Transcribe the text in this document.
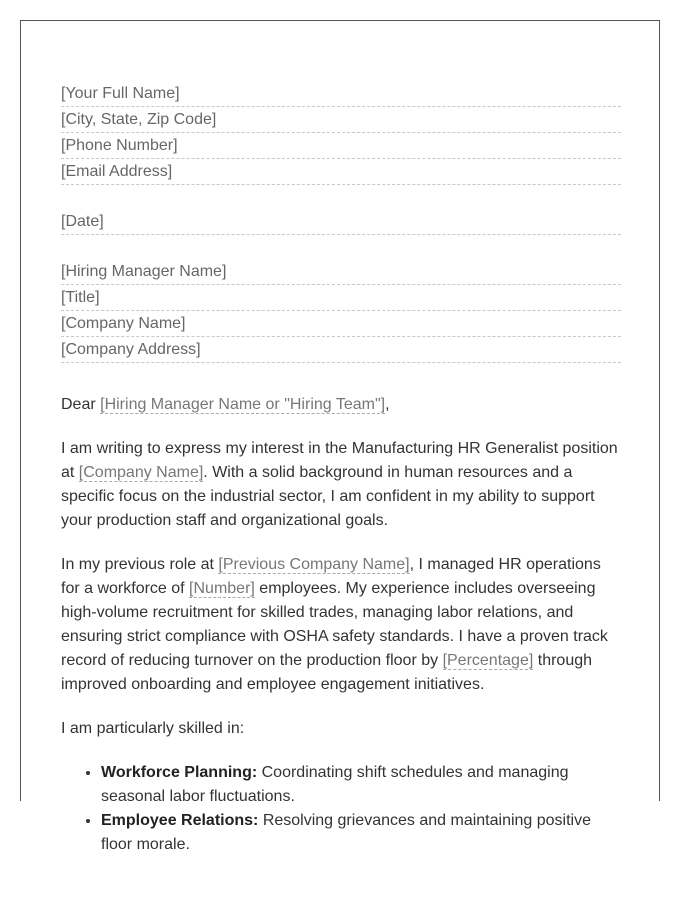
[Your Full Name]
[City, State, Zip Code]
[Phone Number]
[Email Address]
[Date]
[Hiring Manager Name]
[Title]
[Company Name]
[Company Address]

Dear [Hiring Manager Name or "Hiring Team"],

I am writing to express my interest in the Manufacturing HR Generalist position at [Company Name]. With a solid background in human resources and a specific focus on the industrial sector, I am confident in my ability to support your production staff and organizational goals.

In my previous role at [Previous Company Name], I managed HR operations for a workforce of [Number] employees. My experience includes overseeing high-volume recruitment for skilled trades, managing labor relations, and ensuring strict compliance with OSHA safety standards. I have a proven track record of reducing turnover on the production floor by [Percentage] through improved onboarding and employee engagement initiatives.

I am particularly skilled in:

• Workforce Planning: Coordinating shift schedules and managing seasonal labor fluctuations.
• Employee Relations: Resolving grievances and maintaining positive floor morale.
